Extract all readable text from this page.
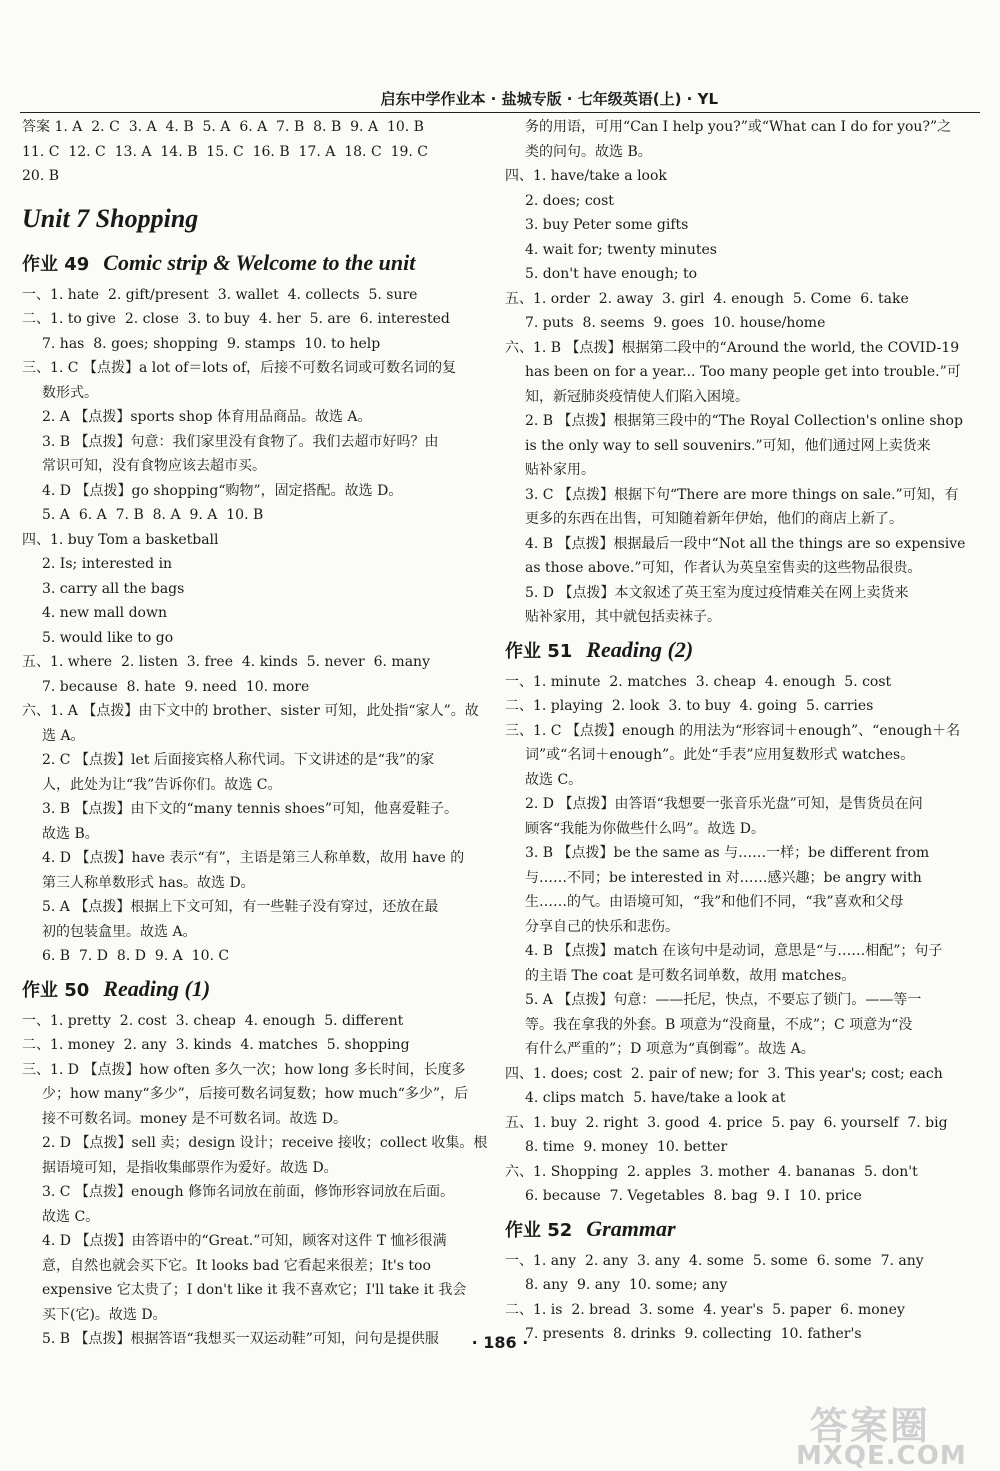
启东中学作业本 · 盐城专版 · 七年级英语(上) · YL
答案 1. A  2. C  3. A  4. B  5. A  6. A  7. B  8. B  9. A  10. B
11. C  12. C  13. A  14. B  15. C  16. B  17. A  18. C  19. C
20. B
Unit 7 Shopping
作业 49 Comic strip & Welcome to the unit
一、1. hate  2. gift/present  3. wallet  4. collects  5. sure
二、1. to give  2. close  3. to buy  4. her  5. are  6. interested
7. has  8. goes; shopping  9. stamps  10. to help
三、1. C 【点拨】a lot of＝lots of，后接不可数名词或可数名词的复
数形式。
2. A 【点拨】sports shop 体育用品商品。故选 A。
3. B 【点拨】句意：我们家里没有食物了。我们去超市好吗？由
常识可知，没有食物应该去超市买。
4. D 【点拨】go shopping“购物”，固定搭配。故选 D。
5. A  6. A  7. B  8. A  9. A  10. B
四、1. buy Tom a basketball
2. Is; interested in
3. carry all the bags
4. new mall down
5. would like to go
五、1. where  2. listen  3. free  4. kinds  5. never  6. many
7. because  8. hate  9. need  10. more
六、1. A 【点拨】由下文中的 brother、sister 可知，此处指“家人”。故
选 A。
2. C 【点拨】let 后面接宾格人称代词。下文讲述的是“我”的家
人，此处为让“我”告诉你们。故选 C。
3. B 【点拨】由下文的“many tennis shoes”可知，他喜爱鞋子。
故选 B。
4. D 【点拨】have 表示“有”，主语是第三人称单数，故用 have 的
第三人称单数形式 has。故选 D。
5. A 【点拨】根据上下文可知，有一些鞋子没有穿过，还放在最
初的包装盒里。故选 A。
6. B  7. D  8. D  9. A  10. C
作业 50 Reading (1)
一、1. pretty  2. cost  3. cheap  4. enough  5. different
二、1. money  2. any  3. kinds  4. matches  5. shopping
三、1. D 【点拨】how often 多久一次；how long 多长时间，长度多
少；how many“多少”，后接可数名词复数；how much“多少”，后
接不可数名词。money 是不可数名词。故选 D。
2. D 【点拨】sell 卖；design 设计；receive 接收；collect 收集。根
据语境可知，是指收集邮票作为爱好。故选 D。
3. C 【点拨】enough 修饰名词放在前面，修饰形容词放在后面。
故选 C。
4. D 【点拨】由答语中的“Great.”可知，顾客对这件 T 恤衫很满
意，自然也就会买下它。It looks bad 它看起来很差；It's too
expensive 它太贵了；I don't like it 我不喜欢它；I'll take it 我会
买下(它)。故选 D。
5. B 【点拨】根据答语“我想买一双运动鞋”可知，问句是提供服
务的用语，可用“Can I help you?”或“What can I do for you?”之
类的问句。故选 B。
四、1. have/take a look
2. does; cost
3. buy Peter some gifts
4. wait for; twenty minutes
5. don't have enough; to
五、1. order  2. away  3. girl  4. enough  5. Come  6. take
7. puts  8. seems  9. goes  10. house/home
六、1. B 【点拨】根据第二段中的“Around the world, the COVID-19
has been on for a year... Too many people get into trouble.”可
知，新冠肺炎疫情使人们陷入困境。
2. B 【点拨】根据第三段中的“The Royal Collection's online shop
is the only way to sell souvenirs.”可知，他们通过网上卖货来
贴补家用。
3. C 【点拨】根据下句“There are more things on sale.”可知，有
更多的东西在出售，可知随着新年伊始，他们的商店上新了。
4. B 【点拨】根据最后一段中“Not all the things are so expensive
as those above.”可知，作者认为英皇室售卖的这些物品很贵。
5. D 【点拨】本文叙述了英王室为度过疫情难关在网上卖货来
贴补家用，其中就包括卖袜子。
作业 51 Reading (2)
一、1. minute  2. matches  3. cheap  4. enough  5. cost
二、1. playing  2. look  3. to buy  4. going  5. carries
三、1. C 【点拨】enough 的用法为“形容词＋enough”、“enough＋名
词”或“名词＋enough”。此处“手表”应用复数形式 watches。
故选 C。
2. D 【点拨】由答语“我想要一张音乐光盘”可知，是售货员在问
顾客“我能为你做些什么吗”。故选 D。
3. B 【点拨】be the same as 与……一样；be different from
与……不同；be interested in 对……感兴趣；be angry with
生……的气。由语境可知，“我”和他们不同，“我”喜欢和父母
分享自己的快乐和悲伤。
4. B 【点拨】match 在该句中是动词，意思是“与……相配”；句子
的主语 The coat 是可数名词单数，故用 matches。
5. A 【点拨】句意：——托尼，快点，不要忘了锁门。——等一
等。我在拿我的外套。B 项意为“没商量，不成”；C 项意为“没
有什么严重的”；D 项意为“真倒霉”。故选 A。
四、1. does; cost  2. pair of new; for  3. This year's; cost; each
4. clips match  5. have/take a look at
五、1. buy  2. right  3. good  4. price  5. pay  6. yourself  7. big
8. time  9. money  10. better
六、1. Shopping  2. apples  3. mother  4. bananas  5. don't
6. because  7. Vegetables  8. bag  9. I  10. price
作业 52 Grammar
一、1. any  2. any  3. any  4. some  5. some  6. some  7. any
8. any  9. any  10. some; any
二、1. is  2. bread  3. some  4. year's  5. paper  6. money
7. presents  8. drinks  9. collecting  10. father's
· 186 ·
答案圈
MXQE.COM
